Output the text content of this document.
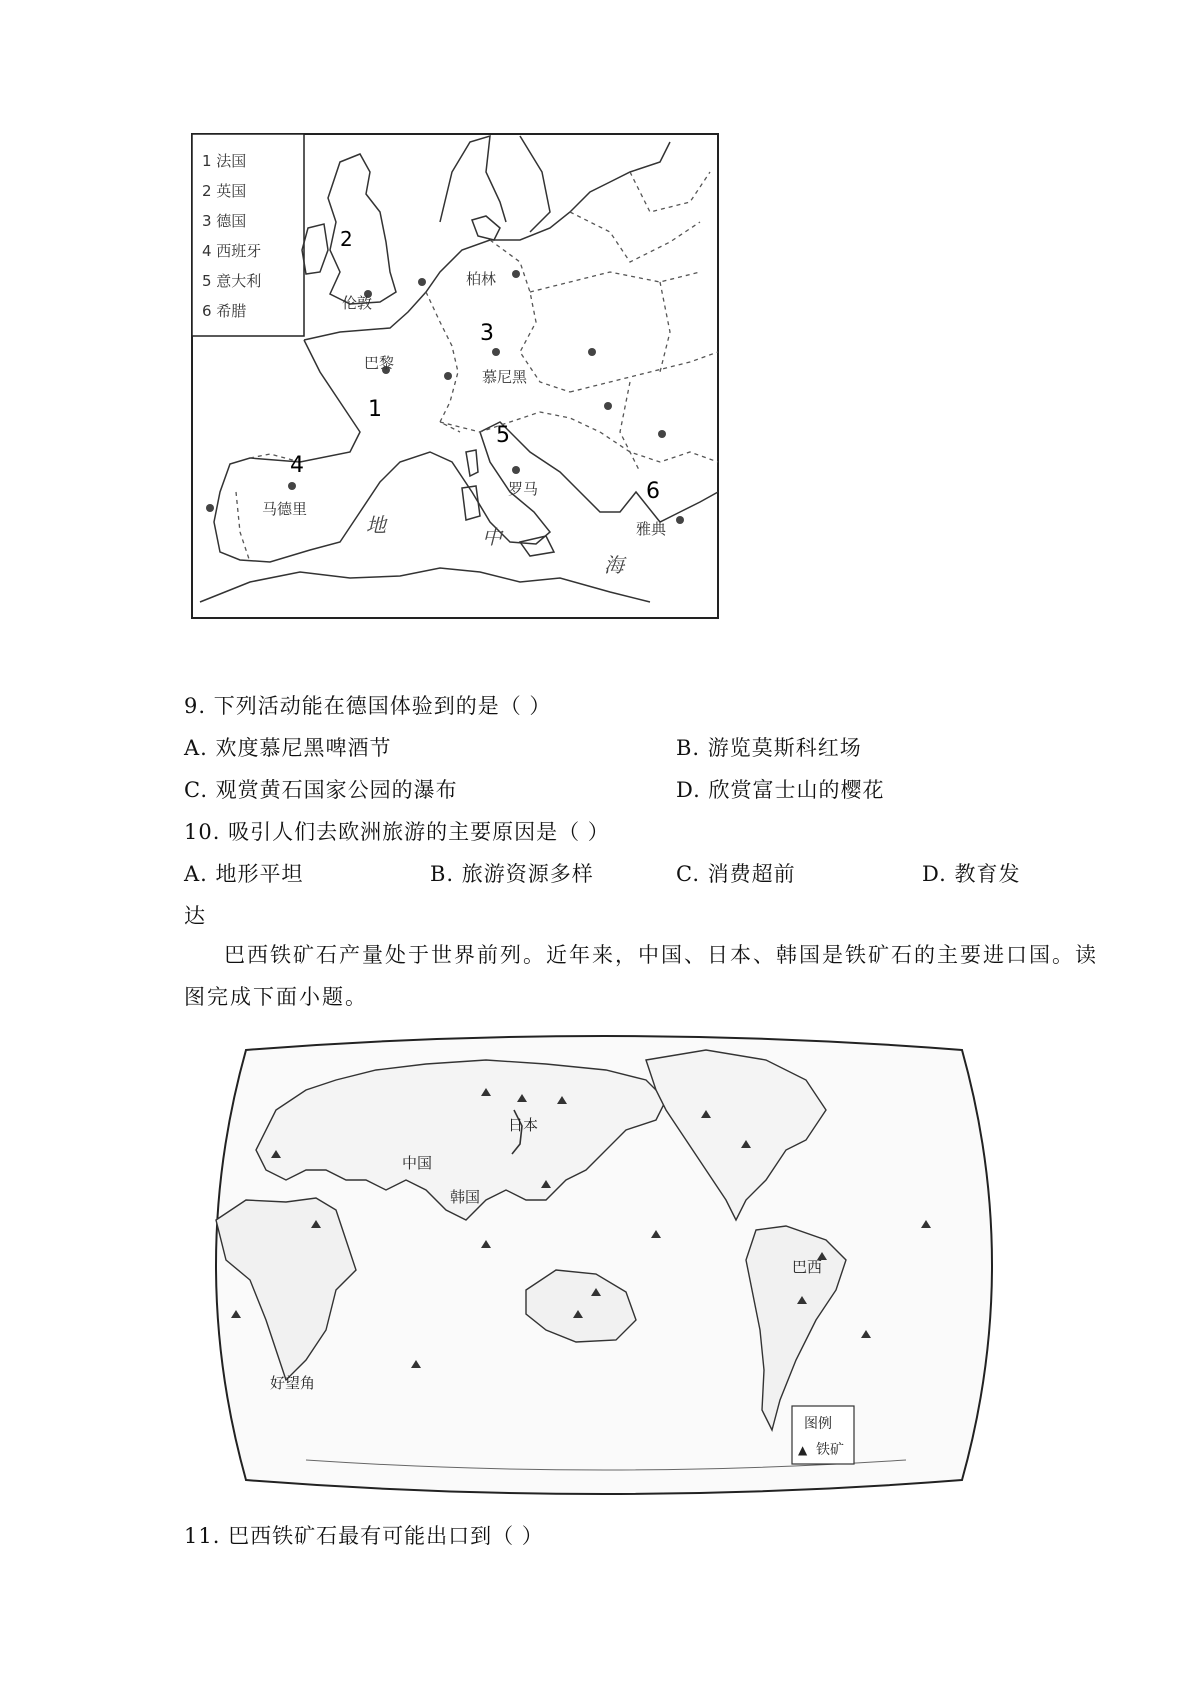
1 法国
2 英国
3 德国
4 西班牙
5 意大利
6 希腊
1
2
3
4
5
6
伦敦
柏林
巴黎
慕尼黑
马德里
罗马
雅典
地	中
海
9. 下列活动能在德国体验到的是（ ）
A. 欢度慕尼黑啤酒节	B. 游览莫斯科红场
C. 观赏黄石国家公园的瀑布	D. 欣赏富士山的樱花
10. 吸引人们去欧洲旅游的主要原因是（ ）
A. 地形平坦	B. 旅游资源多样	C. 消费超前	D. 教育发
达
巴西铁矿石产量处于世界前列。近年来，中国、日本、韩国是铁矿石的主要进口国。读
图完成下面小题。
中国
日本
韩国
巴西
好望角
图例
▲ 铁矿
11. 巴西铁矿石最有可能出口到（ ）
